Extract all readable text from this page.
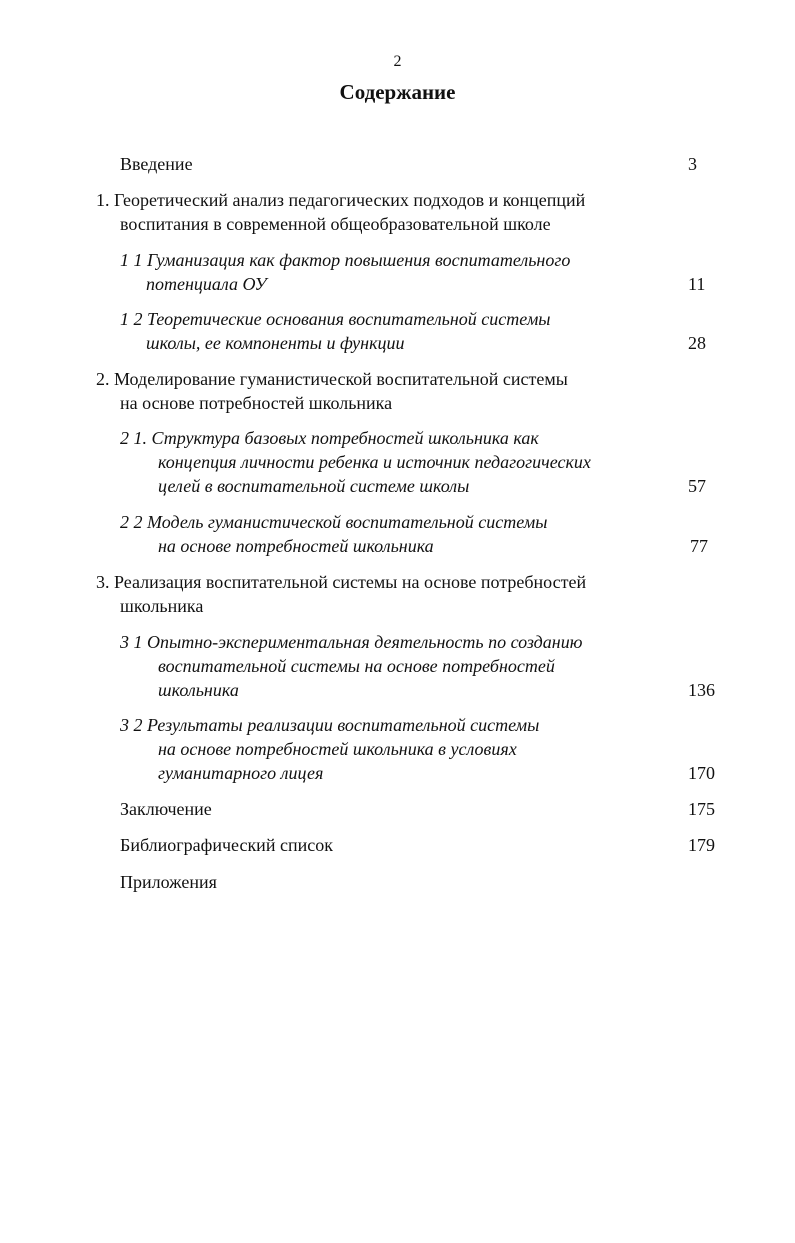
2
Содержание
Введение	3
1. Георетический анализ педагогических подходов и концепций
воспитания в современной общеобразовательной школе
1 1 Гуманизация как фактор повышения воспитательного
потенциала ОУ	11
1 2 Теоретические основания воспитательной системы
школы, ее компоненты и функции	28
2. Моделирование гуманистической воспитательной системы
на основе потребностей школьника
2 1. Структура базовых потребностей школьника как
концепция личности ребенка и источник педагогических
целей в воспитательной системе школы	57
2 2 Модель гуманистической воспитательной системы
на основе потребностей школьника	77
3. Реализация воспитательной системы на основе потребностей
школьника
3 1 Опытно-экспериментальная деятельность по созданию
воспитательной системы на основе потребностей
школьника	136
3 2 Результаты реализации воспитательной системы
на основе потребностей школьника в условиях
гуманитарного лицея	170
Заключение	175
Библиографический список	179
Приложения
